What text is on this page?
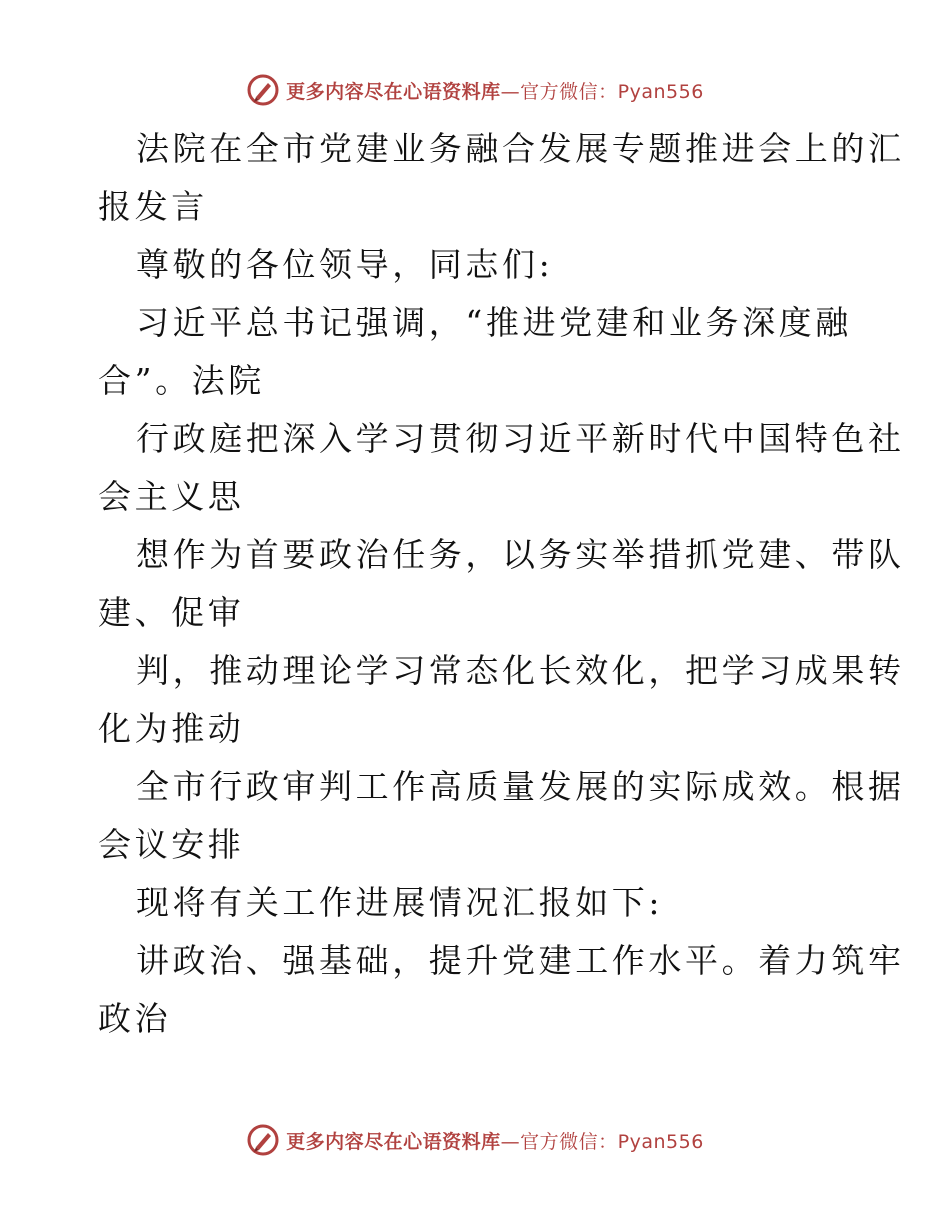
更多内容尽在心语资料库—官方微信：Pyan556
法院在全市党建业务融合发展专题推进会上的汇
报发言
尊敬的各位领导，同志们:
习近平总书记强调，“推进党建和业务深度融
合”。法院
行政庭把深入学习贯彻习近平新时代中国特色社
会主义思
想作为首要政治任务，以务实举措抓党建、带队
建、促审
判，推动理论学习常态化长效化，把学习成果转
化为推动
全市行政审判工作高质量发展的实际成效。根据
会议安排
现将有关工作进展情况汇报如下:
讲政治、强基础，提升党建工作水平。着力筑牢
政治
更多内容尽在心语资料库—官方微信：Pyan556
